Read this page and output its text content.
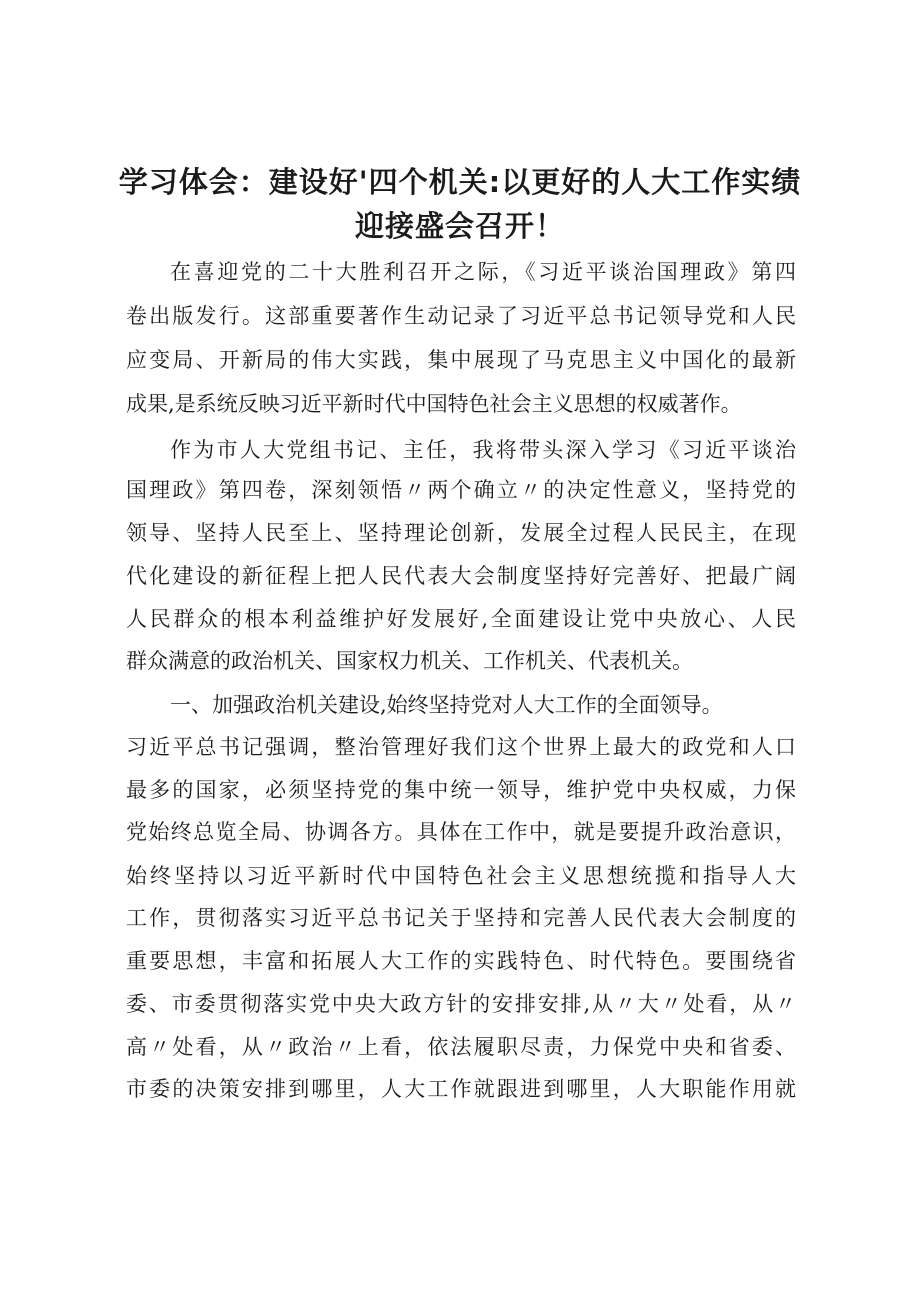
学习体会：建设好'四个机关:以更好的人大工作实绩
迎接盛会召开！
在喜迎党的二十大胜利召开之际，《习近平谈治国理政》第四
卷出版发行。这部重要著作生动记录了习近平总书记领导党和人民
应变局、开新局的伟大实践，集中展现了马克思主义中国化的最新
成果,是系统反映习近平新时代中国特色社会主义思想的权威著作。
作为市人大党组书记、主任，我将带头深入学习《习近平谈治
国理政》第四卷，深刻领悟〃两个确立〃的决定性意义，坚持党的
领导、坚持人民至上、坚持理论创新，发展全过程人民民主，在现
代化建设的新征程上把人民代表大会制度坚持好完善好、把最广阔
人民群众的根本利益维护好发展好,全面建设让党中央放心、人民
群众满意的政治机关、国家权力机关、工作机关、代表机关。
一、加强政治机关建设,始终坚持党对人大工作的全面领导。
习近平总书记强调，整治管理好我们这个世界上最大的政党和人口
最多的国家，必须坚持党的集中统一领导，维护党中央权威，力保
党始终总览全局、协调各方。具体在工作中，就是要提升政治意识，
始终坚持以习近平新时代中国特色社会主义思想统揽和指导人大
工作，贯彻落实习近平总书记关于坚持和完善人民代表大会制度的
重要思想，丰富和拓展人大工作的实践特色、时代特色。要围绕省
委、市委贯彻落实党中央大政方针的安排安排,从〃大〃处看，从〃
高〃处看，从〃政治〃上看，依法履职尽责，力保党中央和省委、
市委的决策安排到哪里，人大工作就跟进到哪里，人大职能作用就
